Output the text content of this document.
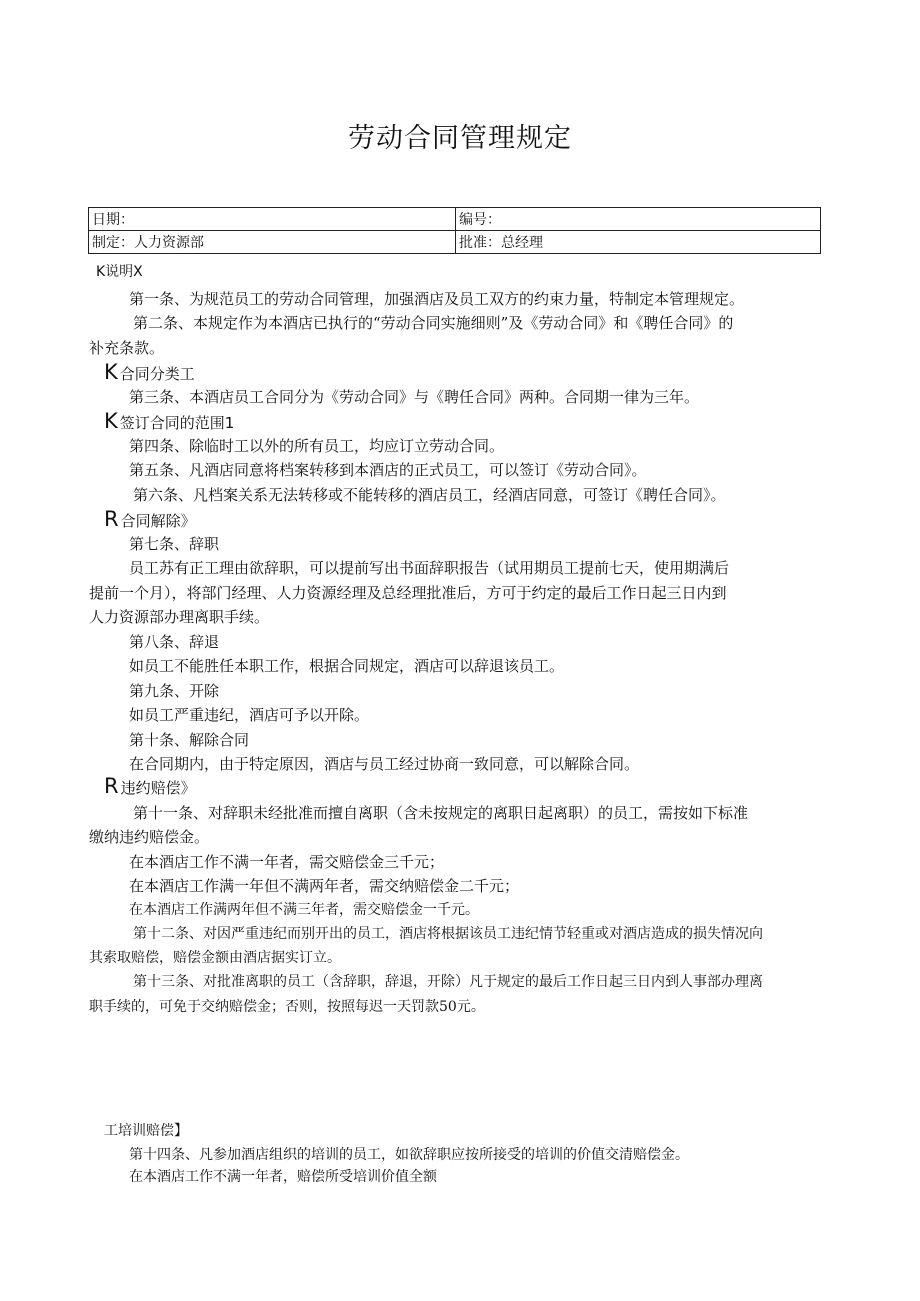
劳动合同管理规定
日期：	编号：
制定：人力资源部	批准：总经理
K说明X
第一条、为规范员工的劳动合同管理，加强酒店及员工双方的约束力量，特制定本管理规定。
第二条、本规定作为本酒店已执行的“劳动合同实施细则”及《劳动合同》和《聘任合同》的
补充条款。
K 合同分类工
第三条、本酒店员工合同分为《劳动合同》与《聘任合同》两种。合同期一律为三年。
K 签订合同的范围1
第四条、除临时工以外的所有员工，均应订立劳动合同。
第五条、凡酒店同意将档案转移到本酒店的正式员工，可以签订《劳动合同》。
第六条、凡档案关系无法转移或不能转移的酒店员工，经酒店同意，可签订《聘任合同》。
R 合同解除》
第七条、辞职
员工苏有正工理由欲辞职，可以提前写出书面辞职报告（试用期员工提前七天，使用期满后
提前一个月），将部门经理、人力资源经理及总经理批准后，方可于约定的最后工作日起三日内到
人力资源部办理离职手续。
第八条、辞退
如员工不能胜任本职工作，根据合同规定，酒店可以辞退该员工。
第九条、开除
如员工严重违纪，酒店可予以开除。
第十条、解除合同
在合同期内，由于特定原因，酒店与员工经过协商一致同意，可以解除合同。
R 违约赔偿》
第十一条、对辞职未经批准而擅自离职（含未按规定的离职日起离职）的员工，需按如下标准
缴纳违约赔偿金。
在本酒店工作不满一年者，需交赔偿金三千元；
在本酒店工作满一年但不满两年者，需交纳赔偿金二千元；
在本酒店工作满两年但不满三年者，需交赔偿金一千元。
第十二条、对因严重违纪而别开出的员工，酒店将根据该员工违纪情节轻重或对酒店造成的损失情况向
其索取赔偿，赔偿金额由酒店据实订立。
第十三条、对批准离职的员工（含辞职，辞退，开除）凡于规定的最后工作日起三日内到人事部办理离
职手续的，可免于交纳赔偿金；否则，按照每迟一天罚款50元。
工培训赔偿】
第十四条、凡参加酒店组织的培训的员工，如欲辞职应按所接受的培训的价值交清赔偿金。
在本酒店工作不满一年者，赔偿所受培训价值全额
